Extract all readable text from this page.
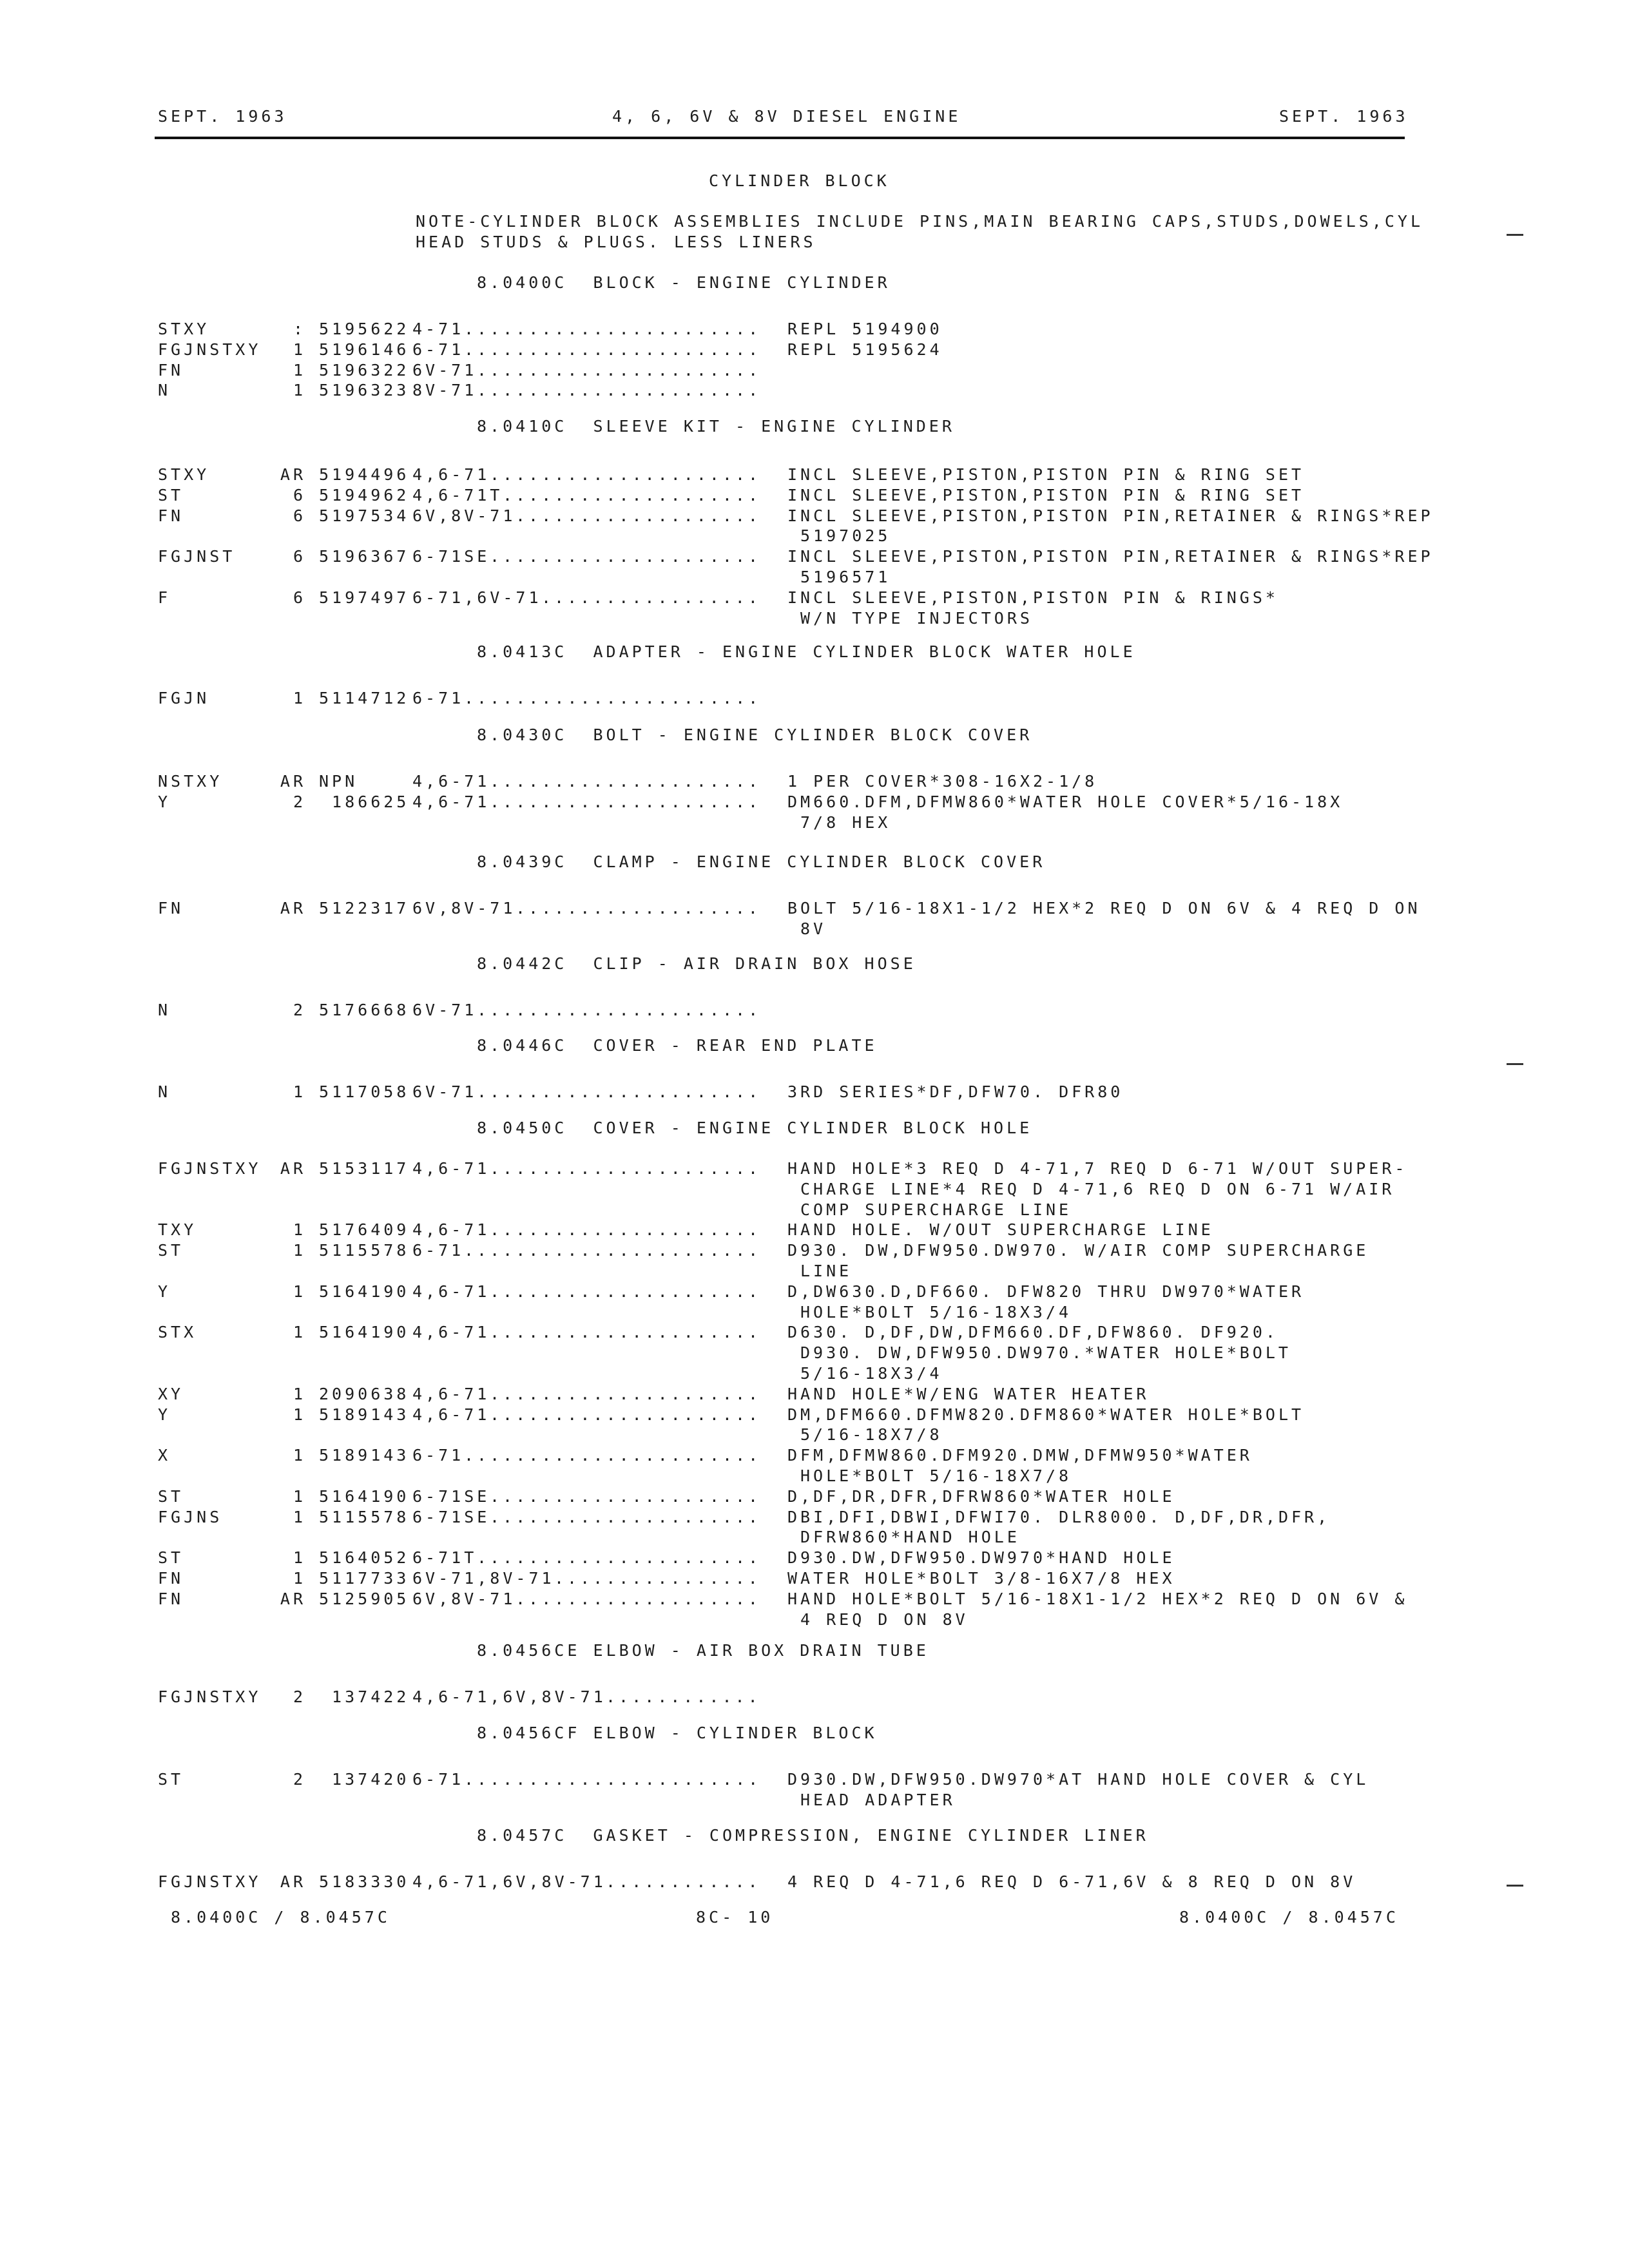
SEPT. 1963	4, 6, 6V & 8V DIESEL ENGINE	SEPT. 1963
CYLINDER BLOCK
NOTE-CYLINDER BLOCK ASSEMBLIES INCLUDE PINS,MAIN BEARING CAPS,STUDS,DOWELS,CYL
HEAD STUDS & PLUGS. LESS LINERS
8.0400C  BLOCK - ENGINE CYLINDER
STXY	: 5195622 4-71 ....................... REPL 5194900
FGJNSTXY	1 5196146 6-71 ....................... REPL 5195624
FN	1 5196322 6V-71 ......................
N	1 5196323 8V-71 ......................
8.0410C  SLEEVE KIT - ENGINE CYLINDER
STXY	AR 5194496 4,6-71 ..................... INCL SLEEVE,PISTON,PISTON PIN & RING SET
ST	6 5194962 4,6-71T .................... INCL SLEEVE,PISTON,PISTON PIN & RING SET
FN	6 5197534 6V,8V-71 ................... INCL SLEEVE,PISTON,PISTON PIN,RETAINER & RINGS*REP
5197025
FGJNST	6 5196367 6-71SE ..................... INCL SLEEVE,PISTON,PISTON PIN,RETAINER & RINGS*REP
5196571
F	6 5197497 6-71,6V-71 ................. INCL SLEEVE,PISTON,PISTON PIN & RINGS*
W/N TYPE INJECTORS
8.0413C  ADAPTER - ENGINE CYLINDER BLOCK WATER HOLE
FGJN	1 5114712 6-71 .......................
8.0430C  BOLT - ENGINE CYLINDER BLOCK COVER
NSTXY	AR NPN	4,6-71 ..................... 1 PER COVER*308-16X2-1/8
Y	2 186625 4,6-71 ..................... DM660.DFM,DFMW860*WATER HOLE COVER*5/16-18X
7/8 HEX
8.0439C  CLAMP - ENGINE CYLINDER BLOCK COVER
FN	AR 5122317 6V,8V-71 ................... BOLT 5/16-18X1-1/2 HEX*2 REQ D ON 6V & 4 REQ D ON
8V
8.0442C  CLIP - AIR DRAIN BOX HOSE
N	2 5176668 6V-71 ......................
8.0446C  COVER - REAR END PLATE
N	1 5117058 6V-71 ...................... 3RD SERIES*DF,DFW70. DFR80
8.0450C  COVER - ENGINE CYLINDER BLOCK HOLE
FGJNSTXY AR 5153117 4,6-71 ..................... HAND HOLE*3 REQ D 4-71,7 REQ D 6-71 W/OUT SUPER-
CHARGE LINE*4 REQ D 4-71,6 REQ D ON 6-71 W/AIR
COMP SUPERCHARGE LINE
TXY	1 5176409 4,6-71 ..................... HAND HOLE. W/OUT SUPERCHARGE LINE
ST	1 5115578 6-71 ....................... D930. DW,DFW950.DW970. W/AIR COMP SUPERCHARGE
LINE
Y	1 5164190 4,6-71 ..................... D,DW630.D,DF660. DFW820 THRU DW970*WATER
HOLE*BOLT 5/16-18X3/4
STX	1 5164190 4,6-71 ..................... D630. D,DF,DW,DFM660.DF,DFW860. DF920.
D930. DW,DFW950.DW970.*WATER HOLE*BOLT
5/16-18X3/4
XY	1 2090638 4,6-71 ..................... HAND HOLE*W/ENG WATER HEATER
Y	1 5189143 4,6-71 ..................... DM,DFM660.DFMW820.DFM860*WATER HOLE*BOLT
5/16-18X7/8
X	1 5189143 6-71 ....................... DFM,DFMW860.DFM920.DMW,DFMW950*WATER
HOLE*BOLT 5/16-18X7/8
ST	1 5164190 6-71SE ..................... D,DF,DR,DFR,DFRW860*WATER HOLE
FGJNS	1 5115578 6-71SE ..................... DBI,DFI,DBWI,DFWI70. DLR8000. D,DF,DR,DFR,
DFRW860*HAND HOLE
ST	1 5164052 6-71T ...................... D930.DW,DFW950.DW970*HAND HOLE
FN	1 5117733 6V-71,8V-71 ................ WATER HOLE*BOLT 3/8-16X7/8 HEX
FN	AR 5125905 6V,8V-71 ................... HAND HOLE*BOLT 5/16-18X1-1/2 HEX*2 REQ D ON 6V &
4 REQ D ON 8V
8.0456CE ELBOW - AIR BOX DRAIN TUBE
FGJNSTXY	2 137422 4,6-71,6V,8V-71 ............
8.0456CF ELBOW - CYLINDER BLOCK
ST	2 137420 6-71 ....................... D930.DW,DFW950.DW970*AT HAND HOLE COVER & CYL
HEAD ADAPTER
8.0457C  GASKET - COMPRESSION, ENGINE CYLINDER LINER
FGJNSTXY AR 5183330 4,6-71,6V,8V-71 ............ 4 REQ D 4-71,6 REQ D 6-71,6V & 8 REQ D ON 8V
8.0400C / 8.0457C	8C- 10	8.0400C / 8.0457C
